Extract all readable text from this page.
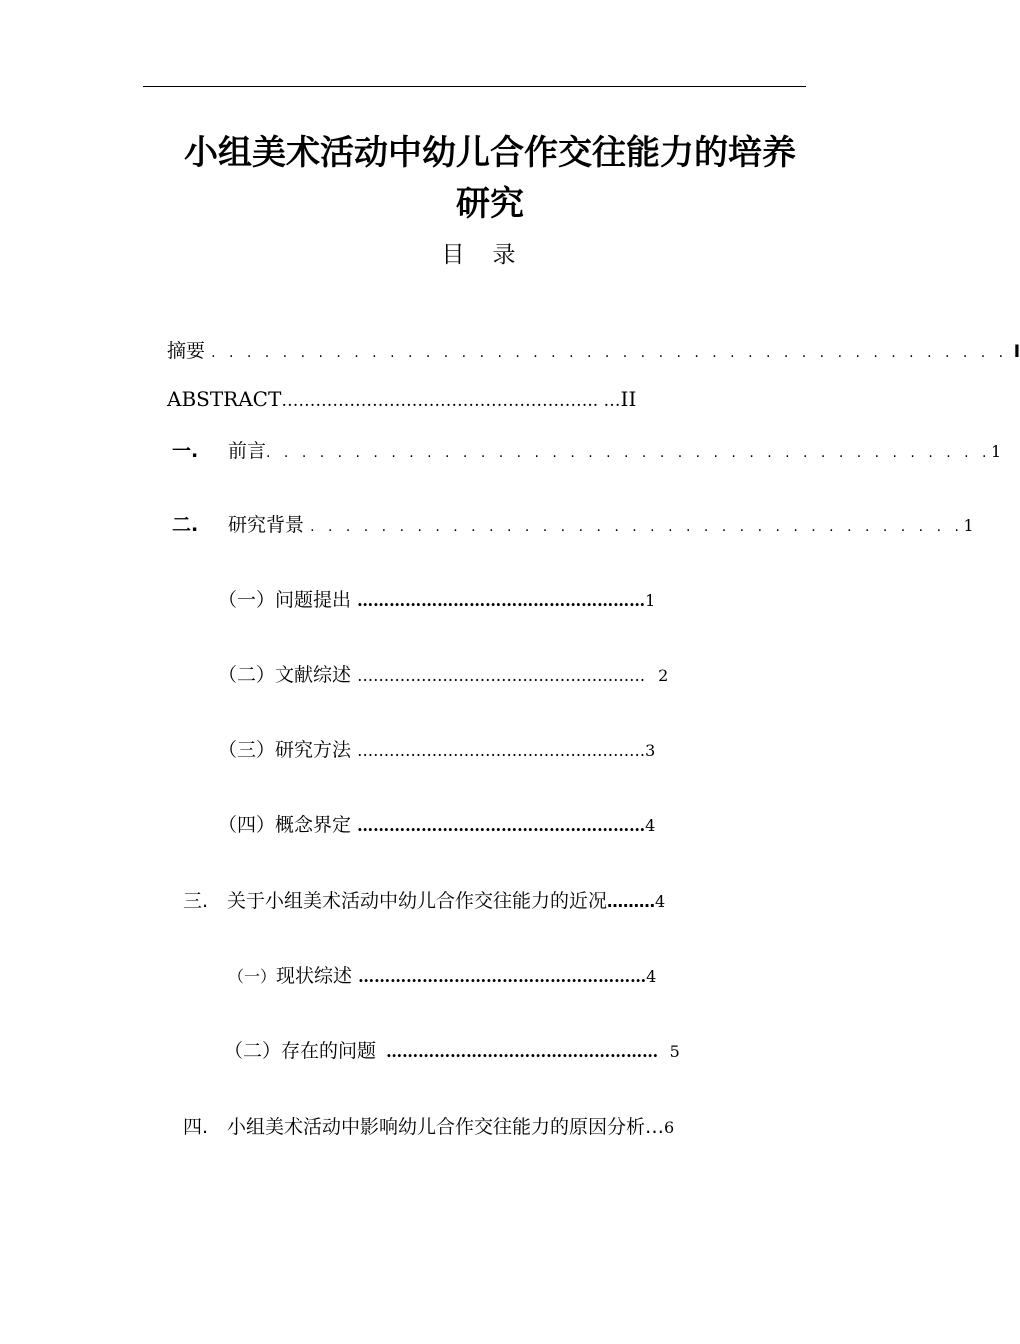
小组美术活动中幼儿合作交往能力的培养
研究
目录
摘要 . . . . . . . . . . . . . . . . . . . . . . . . . . . . . . . . . . . . . . . . . . . . . I
ABSTRACT……………………………………………….. …II
一. 前言. . . . . . . . . . . . . . . . . . . . . . . . . . . . . . . . . . . . . . . . .1
二. 研究背景 . . . . . . . . . . . . . . . . . . . . . . . . . . . . . . . . . . . . .1
（一）问题提出 ………………………………………………1
（二）文献综述 ……………………………………………… 2
（三）研究方法 ………………………………………………3
（四）概念界定 ………………………………………………4
三. 关于小组美术活动中幼儿合作交往能力的近况………4
（一）现状综述 ………………………………………………4
（二）存在的问题 …………………………………………… 5
四. 小组美术活动中影响幼儿合作交往能力的原因分析…6
